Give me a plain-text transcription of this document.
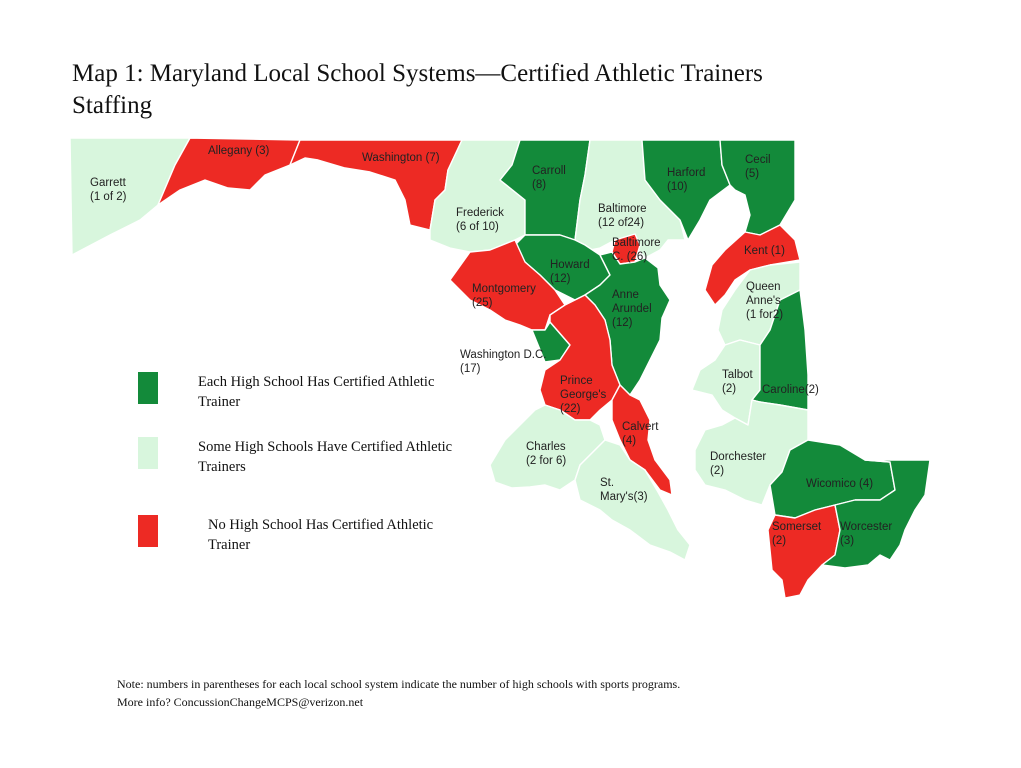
Map 1: Maryland Local School Systems—Certified Athletic Trainers Staffing
Garrett (1 of 2)
Allegany (3)
Washington (7)
Frederick (6 of 10)
Carroll (8)
Baltimore (12 of24)
Baltimore C. (26)
Harford (10)
Cecil (5)
Howard (12)
Montgomery (25)
Anne Arundel (12)
Washington D.C. (17)
Prince George's (22)
Calvert (4)
Charles (2 for 6)
St. Mary's(3)
Kent (1)
Queen Anne's (1 for2)
Talbot (2)	Caroline(2)
Dorchester (2)
Wicomico (4)
Somerset (2)
Worcester (3)
Each High School Has Certified Athletic Trainer
Some High Schools Have Certified Athletic Trainers
No High School Has Certified Athletic Trainer
Note: numbers in parentheses for each local school system indicate the number of high schools with sports programs.
More info? ConcussionChangeMCPS@verizon.net
